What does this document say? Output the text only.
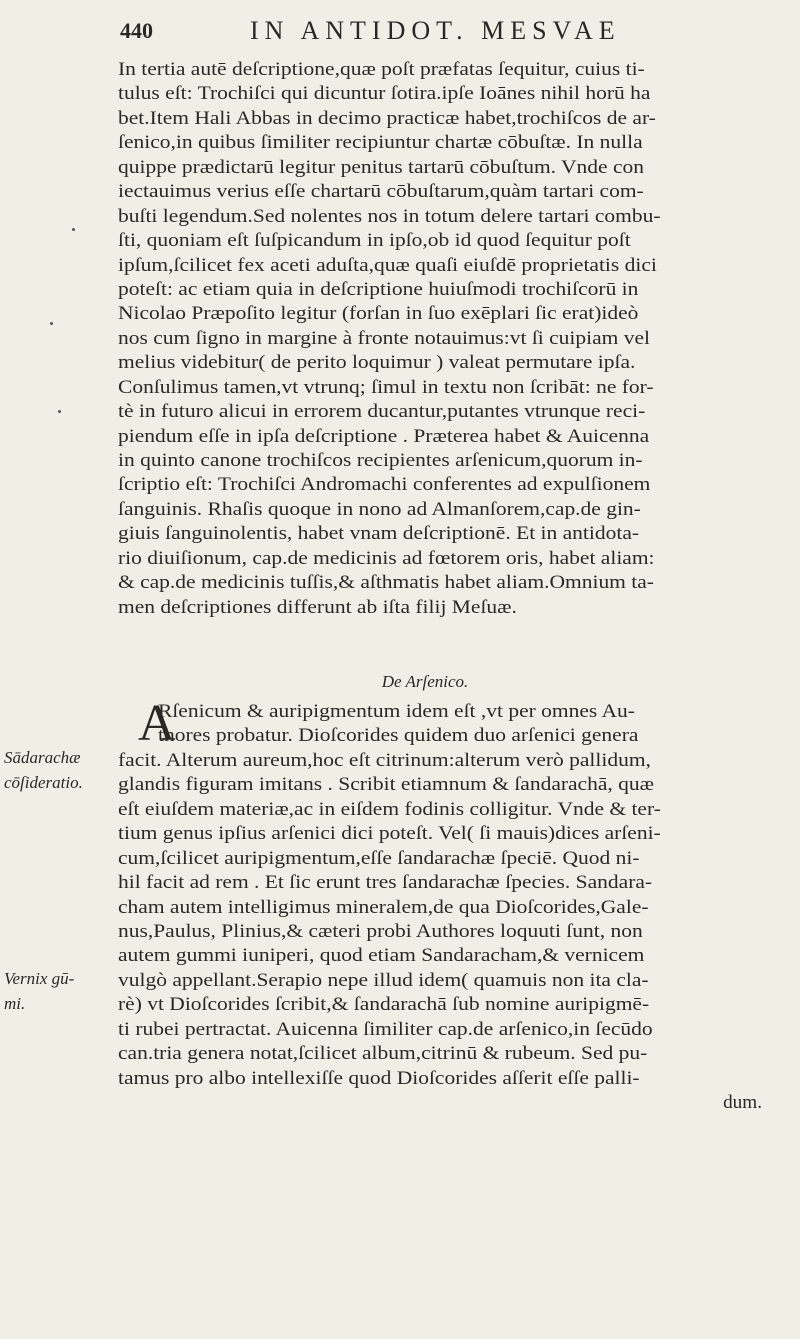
440	IN ANTIDOT. MESVAE
In tertia autē deſcriptione,quæ poſt præfatas ſequitur, cuius ti-
tulus eſt: Trochiſci qui dicuntur ſotira.ipſe Ioānes nihil horū ha
bet.Item Hali Abbas in decimo practicæ habet,trochiſcos de ar-
ſenico,in quibus ſimiliter recipiuntur chartæ cōbuſtæ. In nulla
quippe prædictarū legitur penitus tartarū cōbuſtum. Vnde con
iectauimus verius eſſe chartarū cōbuſtarum,quàm tartari com-
buſti legendum.Sed nolentes nos in totum delere tartari combu-
ſti, quoniam eſt ſuſpicandum in ipſo,ob id quod ſequitur poſt
ipſum,ſcilicet fex aceti aduſta,quæ quaſi eiuſdē proprietatis dici
poteſt: ac etiam quia in deſcriptione huiuſmodi trochiſcorū in
Nicolao Præpoſito legitur (forſan in ſuo exēplari ſic erat)ideò
nos cum ſigno in margine à fronte notauimus:vt ſi cuipiam vel
melius videbitur( de perito loquimur ) valeat permutare ipſa.
Conſulimus tamen,vt vtrunq; ſimul in textu non ſcribāt: ne for-
tè in futuro alicui in errorem ducantur,putantes vtrunque reci-
piendum eſſe in ipſa deſcriptione . Præterea habet & Auicenna
in quinto canone trochiſcos recipientes arſenicum,quorum in-
ſcriptio eſt: Trochiſci Andromachi conferentes ad expulſionem
ſanguinis. Rhaſis quoque in nono ad Almanſorem,cap.de gin-
giuis ſanguinolentis, habet vnam deſcriptionē. Et in antidota-
rio diuiſionum, cap.de medicinis ad fœtorem oris, habet aliam:
& cap.de medicinis tuſſis,& aſthmatis habet aliam.Omnium ta-
men deſcriptiones differunt ab iſta filij Meſuæ.
De Arſenico.
A
Rſenicum & auripigmentum idem eſt ,vt per omnes Au-
thores probatur. Dioſcorides quidem duo arſenici genera
facit. Alterum aureum,hoc eſt citrinum:alterum verò pallidum,
glandis figuram imitans . Scribit etiamnum & ſandarachā, quæ
eſt eiuſdem materiæ,ac in eiſdem fodinis colligitur. Vnde & ter-
tium genus ipſius arſenici dici poteſt. Vel( ſi mauis)dices arſeni-
cum,ſcilicet auripigmentum,eſſe ſandarachæ ſpeciē. Quod ni-
hil facit ad rem . Et ſic erunt tres ſandarachæ ſpecies. Sandara-
cham autem intelligimus mineralem,de qua Dioſcorides,Gale-
nus,Paulus, Plinius,& cæteri probi Authores loquuti ſunt, non
autem gummi iuniperi, quod etiam Sandaracham,& vernicem
vulgò appellant.Serapio nepe illud idem( quamuis non ita cla-
rè) vt Dioſcorides ſcribit,& ſandarachā ſub nomine auripigmē-
ti rubei pertractat. Auicenna ſimiliter cap.de arſenico,in ſecūdo
can.tria genera notat,ſcilicet album,citrinū & rubeum. Sed pu-
tamus pro albo intellexiſſe quod Dioſcorides aſſerit eſſe palli-
dum.
Sādarachæ
cōſideratio.
Vernix gū-
mi.
